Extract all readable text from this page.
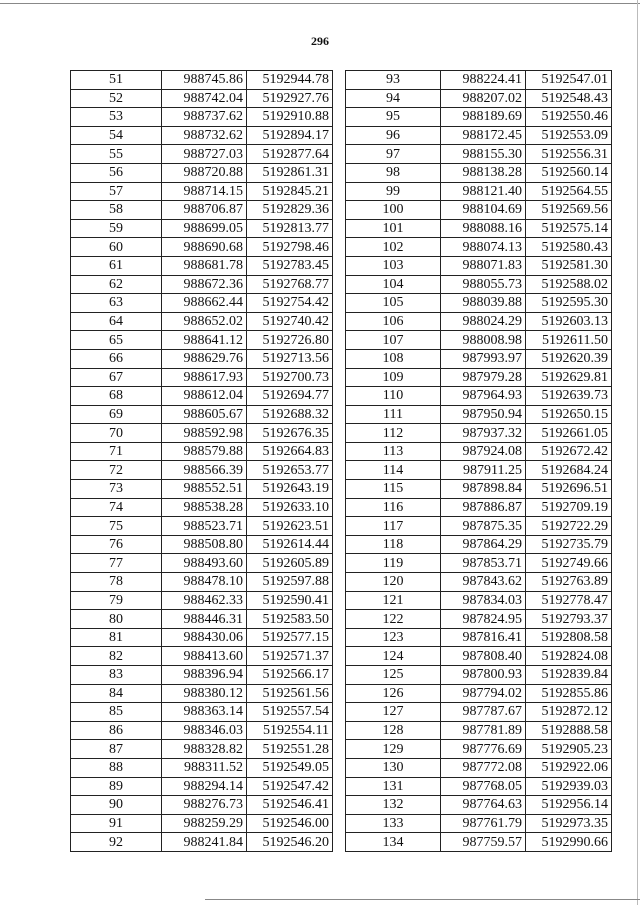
296
51	988745.86	5192944.78
52	988742.04	5192927.76
53	988737.62	5192910.88
54	988732.62	5192894.17
55	988727.03	5192877.64
56	988720.88	5192861.31
57	988714.15	5192845.21
58	988706.87	5192829.36
59	988699.05	5192813.77
60	988690.68	5192798.46
61	988681.78	5192783.45
62	988672.36	5192768.77
63	988662.44	5192754.42
64	988652.02	5192740.42
65	988641.12	5192726.80
66	988629.76	5192713.56
67	988617.93	5192700.73
68	988612.04	5192694.77
69	988605.67	5192688.32
70	988592.98	5192676.35
71	988579.88	5192664.83
72	988566.39	5192653.77
73	988552.51	5192643.19
74	988538.28	5192633.10
75	988523.71	5192623.51
76	988508.80	5192614.44
77	988493.60	5192605.89
78	988478.10	5192597.88
79	988462.33	5192590.41
80	988446.31	5192583.50
81	988430.06	5192577.15
82	988413.60	5192571.37
83	988396.94	5192566.17
84	988380.12	5192561.56
85	988363.14	5192557.54
86	988346.03	5192554.11
87	988328.82	5192551.28
88	988311.52	5192549.05
89	988294.14	5192547.42
90	988276.73	5192546.41
91	988259.29	5192546.00
92	988241.84	5192546.20
93	988224.41	5192547.01
94	988207.02	5192548.43
95	988189.69	5192550.46
96	988172.45	5192553.09
97	988155.30	5192556.31
98	988138.28	5192560.14
99	988121.40	5192564.55
100	988104.69	5192569.56
101	988088.16	5192575.14
102	988074.13	5192580.43
103	988071.83	5192581.30
104	988055.73	5192588.02
105	988039.88	5192595.30
106	988024.29	5192603.13
107	988008.98	5192611.50
108	987993.97	5192620.39
109	987979.28	5192629.81
110	987964.93	5192639.73
111	987950.94	5192650.15
112	987937.32	5192661.05
113	987924.08	5192672.42
114	987911.25	5192684.24
115	987898.84	5192696.51
116	987886.87	5192709.19
117	987875.35	5192722.29
118	987864.29	5192735.79
119	987853.71	5192749.66
120	987843.62	5192763.89
121	987834.03	5192778.47
122	987824.95	5192793.37
123	987816.41	5192808.58
124	987808.40	5192824.08
125	987800.93	5192839.84
126	987794.02	5192855.86
127	987787.67	5192872.12
128	987781.89	5192888.58
129	987776.69	5192905.23
130	987772.08	5192922.06
131	987768.05	5192939.03
132	987764.63	5192956.14
133	987761.79	5192973.35
134	987759.57	5192990.66
